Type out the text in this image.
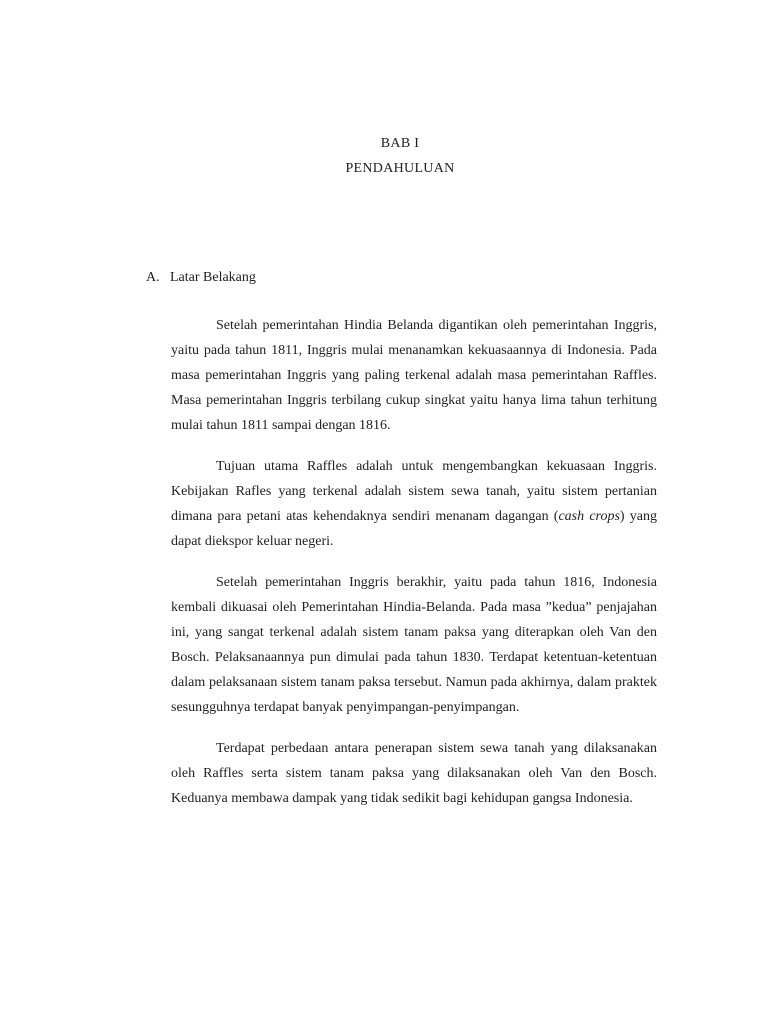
BAB I
PENDAHULUAN
A. Latar Belakang

Setelah pemerintahan Hindia Belanda digantikan oleh pemerintahan Inggris, yaitu pada tahun 1811, Inggris mulai menanamkan kekuasaannya di Indonesia. Pada masa pemerintahan Inggris yang paling terkenal adalah masa pemerintahan Raffles. Masa pemerintahan Inggris terbilang cukup singkat yaitu hanya lima tahun terhitung mulai tahun 1811 sampai dengan 1816.

Tujuan utama Raffles adalah untuk mengembangkan kekuasaan Inggris. Kebijakan Rafles yang terkenal adalah sistem sewa tanah, yaitu sistem pertanian dimana para petani atas kehendaknya sendiri menanam dagangan (cash crops) yang dapat diekspor keluar negeri.

Setelah pemerintahan Inggris berakhir, yaitu pada tahun 1816, Indonesia kembali dikuasai oleh Pemerintahan Hindia-Belanda. Pada masa ”kedua” penjajahan ini, yang sangat terkenal adalah sistem tanam paksa yang diterapkan oleh Van den Bosch. Pelaksanaannya pun dimulai pada tahun 1830. Terdapat ketentuan-ketentuan dalam pelaksanaan sistem tanam paksa tersebut. Namun pada akhirnya, dalam praktek sesungguhnya terdapat banyak penyimpangan-penyimpangan.

Terdapat perbedaan antara penerapan sistem sewa tanah yang dilaksanakan oleh Raffles serta sistem tanam paksa yang dilaksanakan oleh Van den Bosch. Keduanya membawa dampak yang tidak sedikit bagi kehidupan gangsa Indonesia.
